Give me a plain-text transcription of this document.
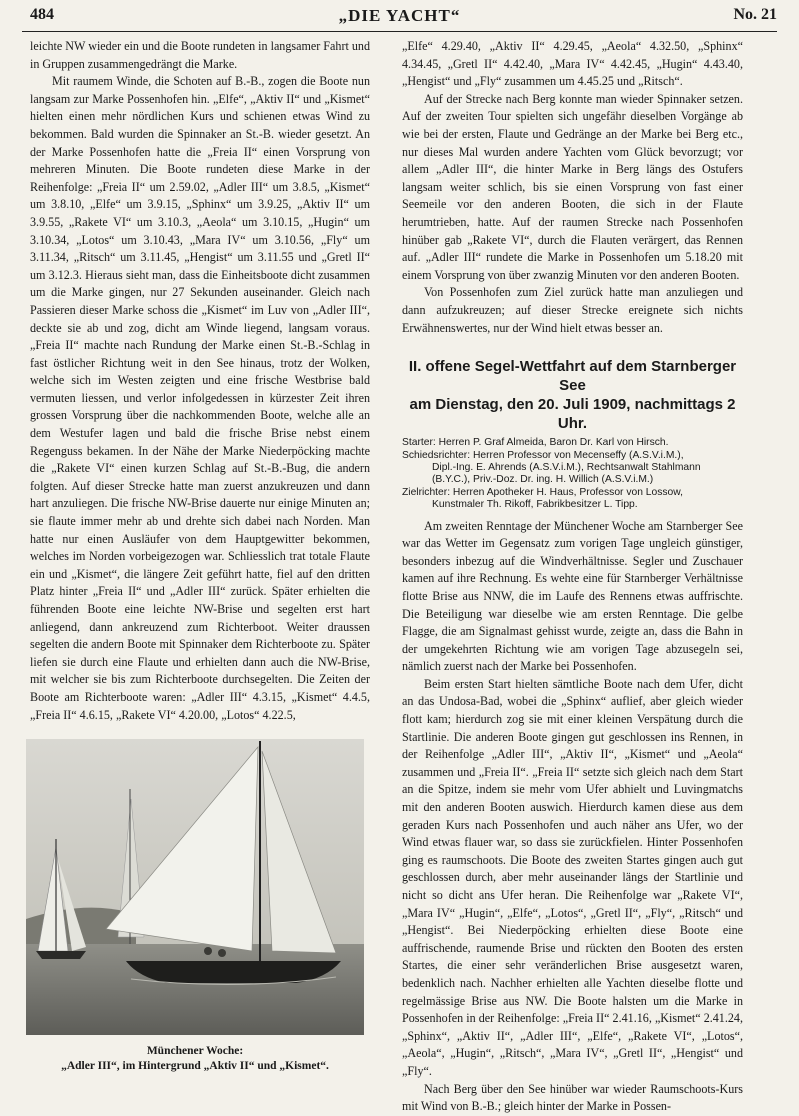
484	„DIE YACHT“	No. 21

leichte NW wieder ein und die Boote rundeten in langsamer Fahrt und in Gruppen zusammengedrängt die Marke.

Mit raumem Winde, die Schoten auf B.-B., zogen die Boote nun langsam zur Marke Possenhofen hin. „Elfe“, „Aktiv II“ und „Kismet“ hielten einen mehr nördlichen Kurs und schienen etwas Wind zu bekommen. Bald wurden die Spinnaker an St.-B. wieder gesetzt. An der Marke Possenhofen hatte die „Freia II“ einen Vorsprung von mehreren Minuten. Die Boote rundeten diese Marke in der Reihenfolge: „Freia II“ um 2.59.02, „Adler III“ um 3.8.5, „Kismet“ um 3.8.10, „Elfe“ um 3.9.15, „Sphinx“ um 3.9.25, „Aktiv II“ um 3.9.55, „Rakete VI“ um 3.10.3, „Aeola“ um 3.10.15, „Hugin“ um 3.10.34, „Lotos“ um 3.10.43, „Mara IV“ um 3.10.56, „Fly“ um 3.11.34, „Ritsch“ um 3.11.45, „Hengist“ um 3.11.55 und „Gretl II“ um 3.12.3. Hieraus sieht man, dass die Einheitsboote dicht zusammen um die Marke gingen, nur 27 Sekunden auseinander. Gleich nach Passieren dieser Marke schoss die „Kismet“ im Luv von „Adler III“, deckte sie ab und zog, dicht am Winde liegend, langsam voraus. „Freia II“ machte nach Rundung der Marke einen St.-B.-Schlag in fast östlicher Richtung weit in den See hinaus, trotz der Wolken, welche sich im Westen zeigten und eine frische Westbrise bald vermuten liessen, und verlor infolgedessen in kürzester Zeit ihren grossen Vorsprung über die nachkommenden Boote, welche alle an dem Westufer lagen und bald die frische Brise nebst einem Regenguss bekamen. In der Nähe der Marke Niederpöcking machte die „Rakete VI“ einen kurzen Schlag auf St.-B.-Bug, die andern folgten. Auf dieser Strecke hatte man zuerst anzukreuzen und dann hart anzuliegen. Die frische NW-Brise dauerte nur einige Minuten an; sie flaute immer mehr ab und drehte sich dabei nach Norden. Man hatte nur einen Ausläufer von dem Hauptgewitter bekommen, welches im Norden vorbeigezogen war. Schliesslich trat totale Flaute ein und „Kismet“, die längere Zeit geführt hatte, fiel auf den dritten Platz hinter „Freia II“ und „Adler III“ zurück. Später erhielten die führenden Boote eine leichte NW-Brise und segelten erst hart anliegend, dann ankreuzend zum Richterboot. Weiter draussen segelten die andern Boote mit Spinnaker dem Richterboote zu. Später liefen sie durch eine Flaute und erhielten dann auch die NW-Brise, mit welcher sie bis zum Richterboote durchsegelten. Die Zeiten der Boote am Richterboote waren: „Adler III“ 4.3.15, „Kismet“ 4.4.5, „Freia II“ 4.6.15, „Rakete VI“ 4.20.00, „Lotos“ 4.22.5,

Münchener Woche:
„Adler III“, im Hintergrund „Aktiv II“ und „Kismet“.

„Elfe“ 4.29.40, „Aktiv II“ 4.29.45, „Aeola“ 4.32.50, „Sphinx“ 4.34.45, „Gretl II“ 4.42.40, „Mara IV“ 4.42.45, „Hugin“ 4.43.40, „Hengist“ und „Fly“ zusammen um 4.45.25 und „Ritsch“.

Auf der Strecke nach Berg konnte man wieder Spinnaker setzen. Auf der zweiten Tour spielten sich ungefähr dieselben Vorgänge ab wie bei der ersten, Flaute und Gedränge an der Marke bei Berg etc., nur dieses Mal wurden andere Yachten vom Glück bevorzugt; vor allem „Adler III“, die hinter Marke in Berg längs des Ostufers langsam weiter schlich, bis sie einen Vorsprung von fast einer Seemeile vor den anderen Booten, die sich in der Flaute herumtrieben, hatte. Auf der raumen Strecke nach Possenhofen hinüber gab „Rakete VI“, durch die Flauten verärgert, das Rennen auf. „Adler III“ rundete die Marke in Possenhofen um 5.18.20 mit einem Vorsprung von über zwanzig Minuten vor den anderen Booten.

Von Possenhofen zum Ziel zurück hatte man anzuliegen und dann aufzukreuzen; auf dieser Strecke ereignete sich nichts Erwähnenswertes, nur der Wind hielt etwas besser an.

II. offene Segel-Wettfahrt auf dem Starnberger See
am Dienstag, den 20. Juli 1909, nachmittags 2 Uhr.
Starter: Herren P. Graf Almeida, Baron Dr. Karl von Hirsch.
Schiedsrichter: Herren Professor von Mecenseffy (A.S.V.i.M.),
Dipl.-Ing. E. Ahrends (A.S.V.i.M.), Rechtsanwalt Stahlmann
(B.Y.C.), Priv.-Doz. Dr. ing. H. Willich (A.S.V.i.M.)
Zielrichter: Herren Apotheker H. Haus, Professor von Lossow,
Kunstmaler Th. Rikoff, Fabrikbesitzer L. Tipp.

Am zweiten Renntage der Münchener Woche am Starnberger See war das Wetter im Gegensatz zum vorigen Tage ungleich günstiger, besonders inbezug auf die Windverhältnisse. Segler und Zuschauer kamen auf ihre Rechnung. Es wehte eine für Starnberger Verhältnisse flotte Brise aus NNW, die im Laufe des Rennens etwas auffrischte. Die Beteiligung war dieselbe wie am ersten Renntage. Die gelbe Flagge, die am Signalmast gehisst wurde, zeigte an, dass die Bahn in der umgekehrten Richtung wie am vorigen Tage abzusegeln sei, nämlich zuerst nach der Marke bei Possenhofen.

Beim ersten Start hielten sämtliche Boote nach dem Ufer, dicht an das Undosa-Bad, wobei die „Sphinx“ auflief, aber gleich wieder flott kam; hierdurch zog sie mit einer kleinen Verspätung durch die Startlinie. Die anderen Boote gingen gut geschlossen ins Rennen, in der Reihenfolge „Adler III“, „Aktiv II“, „Kismet“ und „Aeola“ zusammen und „Freia II“. „Freia II“ setzte sich gleich nach dem Start an die Spitze, indem sie mehr vom Ufer abhielt und Luvingmatchs mit den anderen Booten auswich. Hierdurch kamen diese aus dem geraden Kurs nach Possenhofen und auch näher ans Ufer, wo der Wind etwas flauer war, so dass sie zurückfielen. Hinter Possenhofen ging es raumschoots. Die Boote des zweiten Startes gingen auch gut geschlossen durch, aber mehr auseinander längs der Startlinie und nicht so dicht ans Ufer heran. Die Reihenfolge war „Rakete VI“, „Mara IV“ „Hugin“, „Elfe“, „Lotos“, „Gretl II“, „Fly“, „Ritsch“ und „Hengist“. Bei Niederpöcking erhielten diese Boote eine auffrischende, raumende Brise und rückten den Booten des ersten Startes, die einer sehr veränderlichen Brise ausgesetzt waren, bedenklich nach. Nachher erhielten alle Yachten dieselbe flotte und regelmässige Brise aus NW. Die Boote halsten um die Marke in Possenhofen in der Reihenfolge: „Freia II“ 2.41.16, „Kismet“ 2.41.24, „Sphinx“, „Aktiv II“, „Adler III“, „Elfe“, „Rakete VI“, „Lotos“, „Aeola“, „Hugin“, „Ritsch“, „Mara IV“, „Gretl II“, „Hengist“ und „Fly“.

Nach Berg über den See hinüber war wieder Raumschoots-Kurs mit Wind von B.-B.; gleich hinter der Marke in Possen-
